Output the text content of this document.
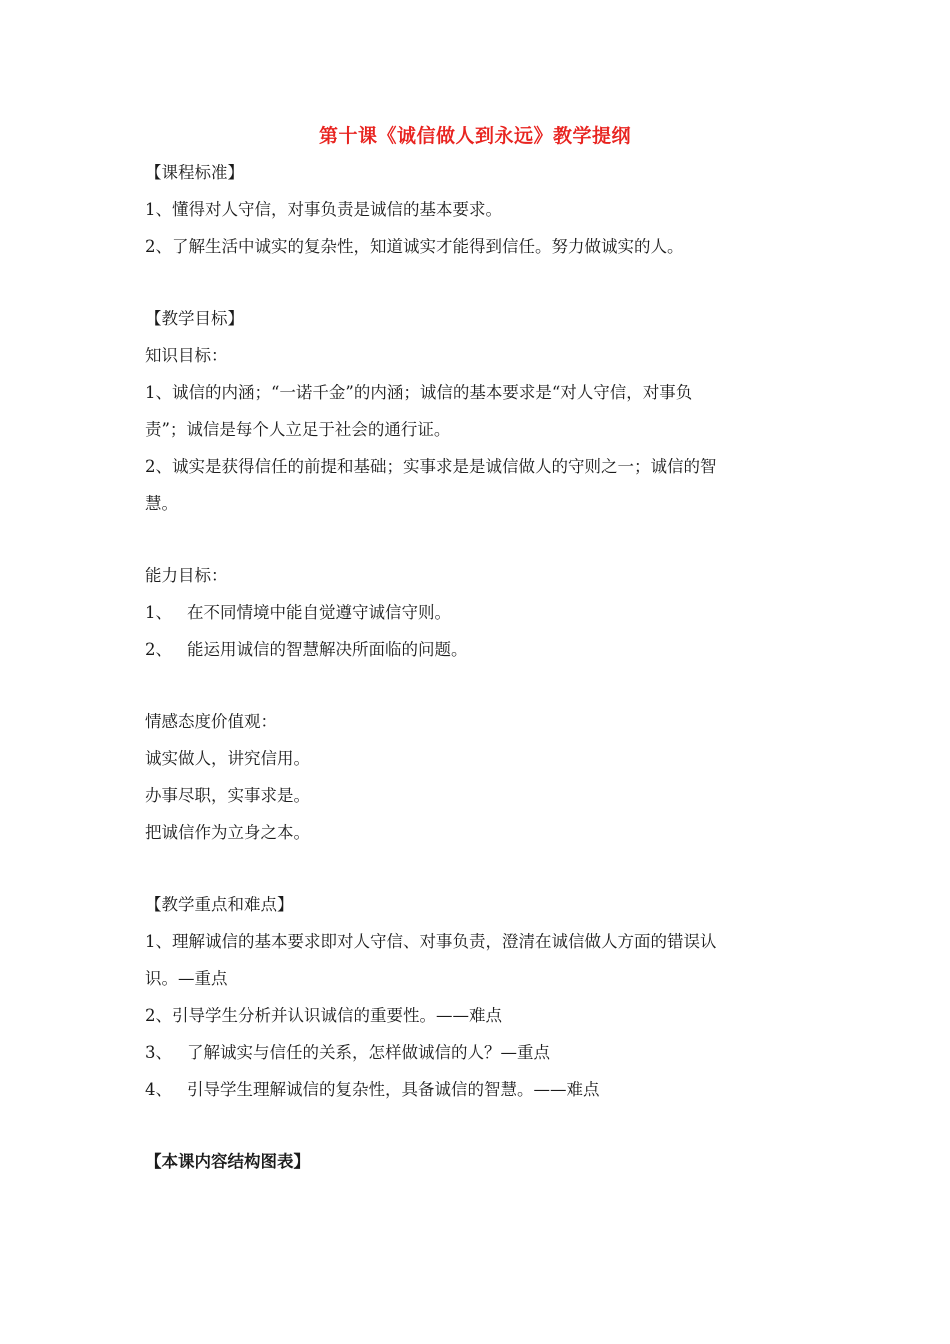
第十课《诚信做人到永远》教学提纲
【课程标准】
1、懂得对人守信，对事负责是诚信的基本要求。
2、了解生活中诚实的复杂性，知道诚实才能得到信任。努力做诚实的人。
【教学目标】
知识目标：
1、诚信的内涵；“一诺千金”的内涵；诚信的基本要求是“对人守信，对事负
责”；诚信是每个人立足于社会的通行证。
2、诚实是获得信任的前提和基础；实事求是是诚信做人的守则之一；诚信的智
慧。
能力目标：
1、 在不同情境中能自觉遵守诚信守则。
2、 能运用诚信的智慧解决所面临的问题。
情感态度价值观：
诚实做人，讲究信用。
办事尽职，实事求是。
把诚信作为立身之本。
【教学重点和难点】
1、理解诚信的基本要求即对人守信、对事负责，澄清在诚信做人方面的错误认
识。—重点
2、引导学生分析并认识诚信的重要性。——难点
3、 了解诚实与信任的关系，怎样做诚信的人？—重点
4、 引导学生理解诚信的复杂性，具备诚信的智慧。——难点
【本课内容结构图表】
